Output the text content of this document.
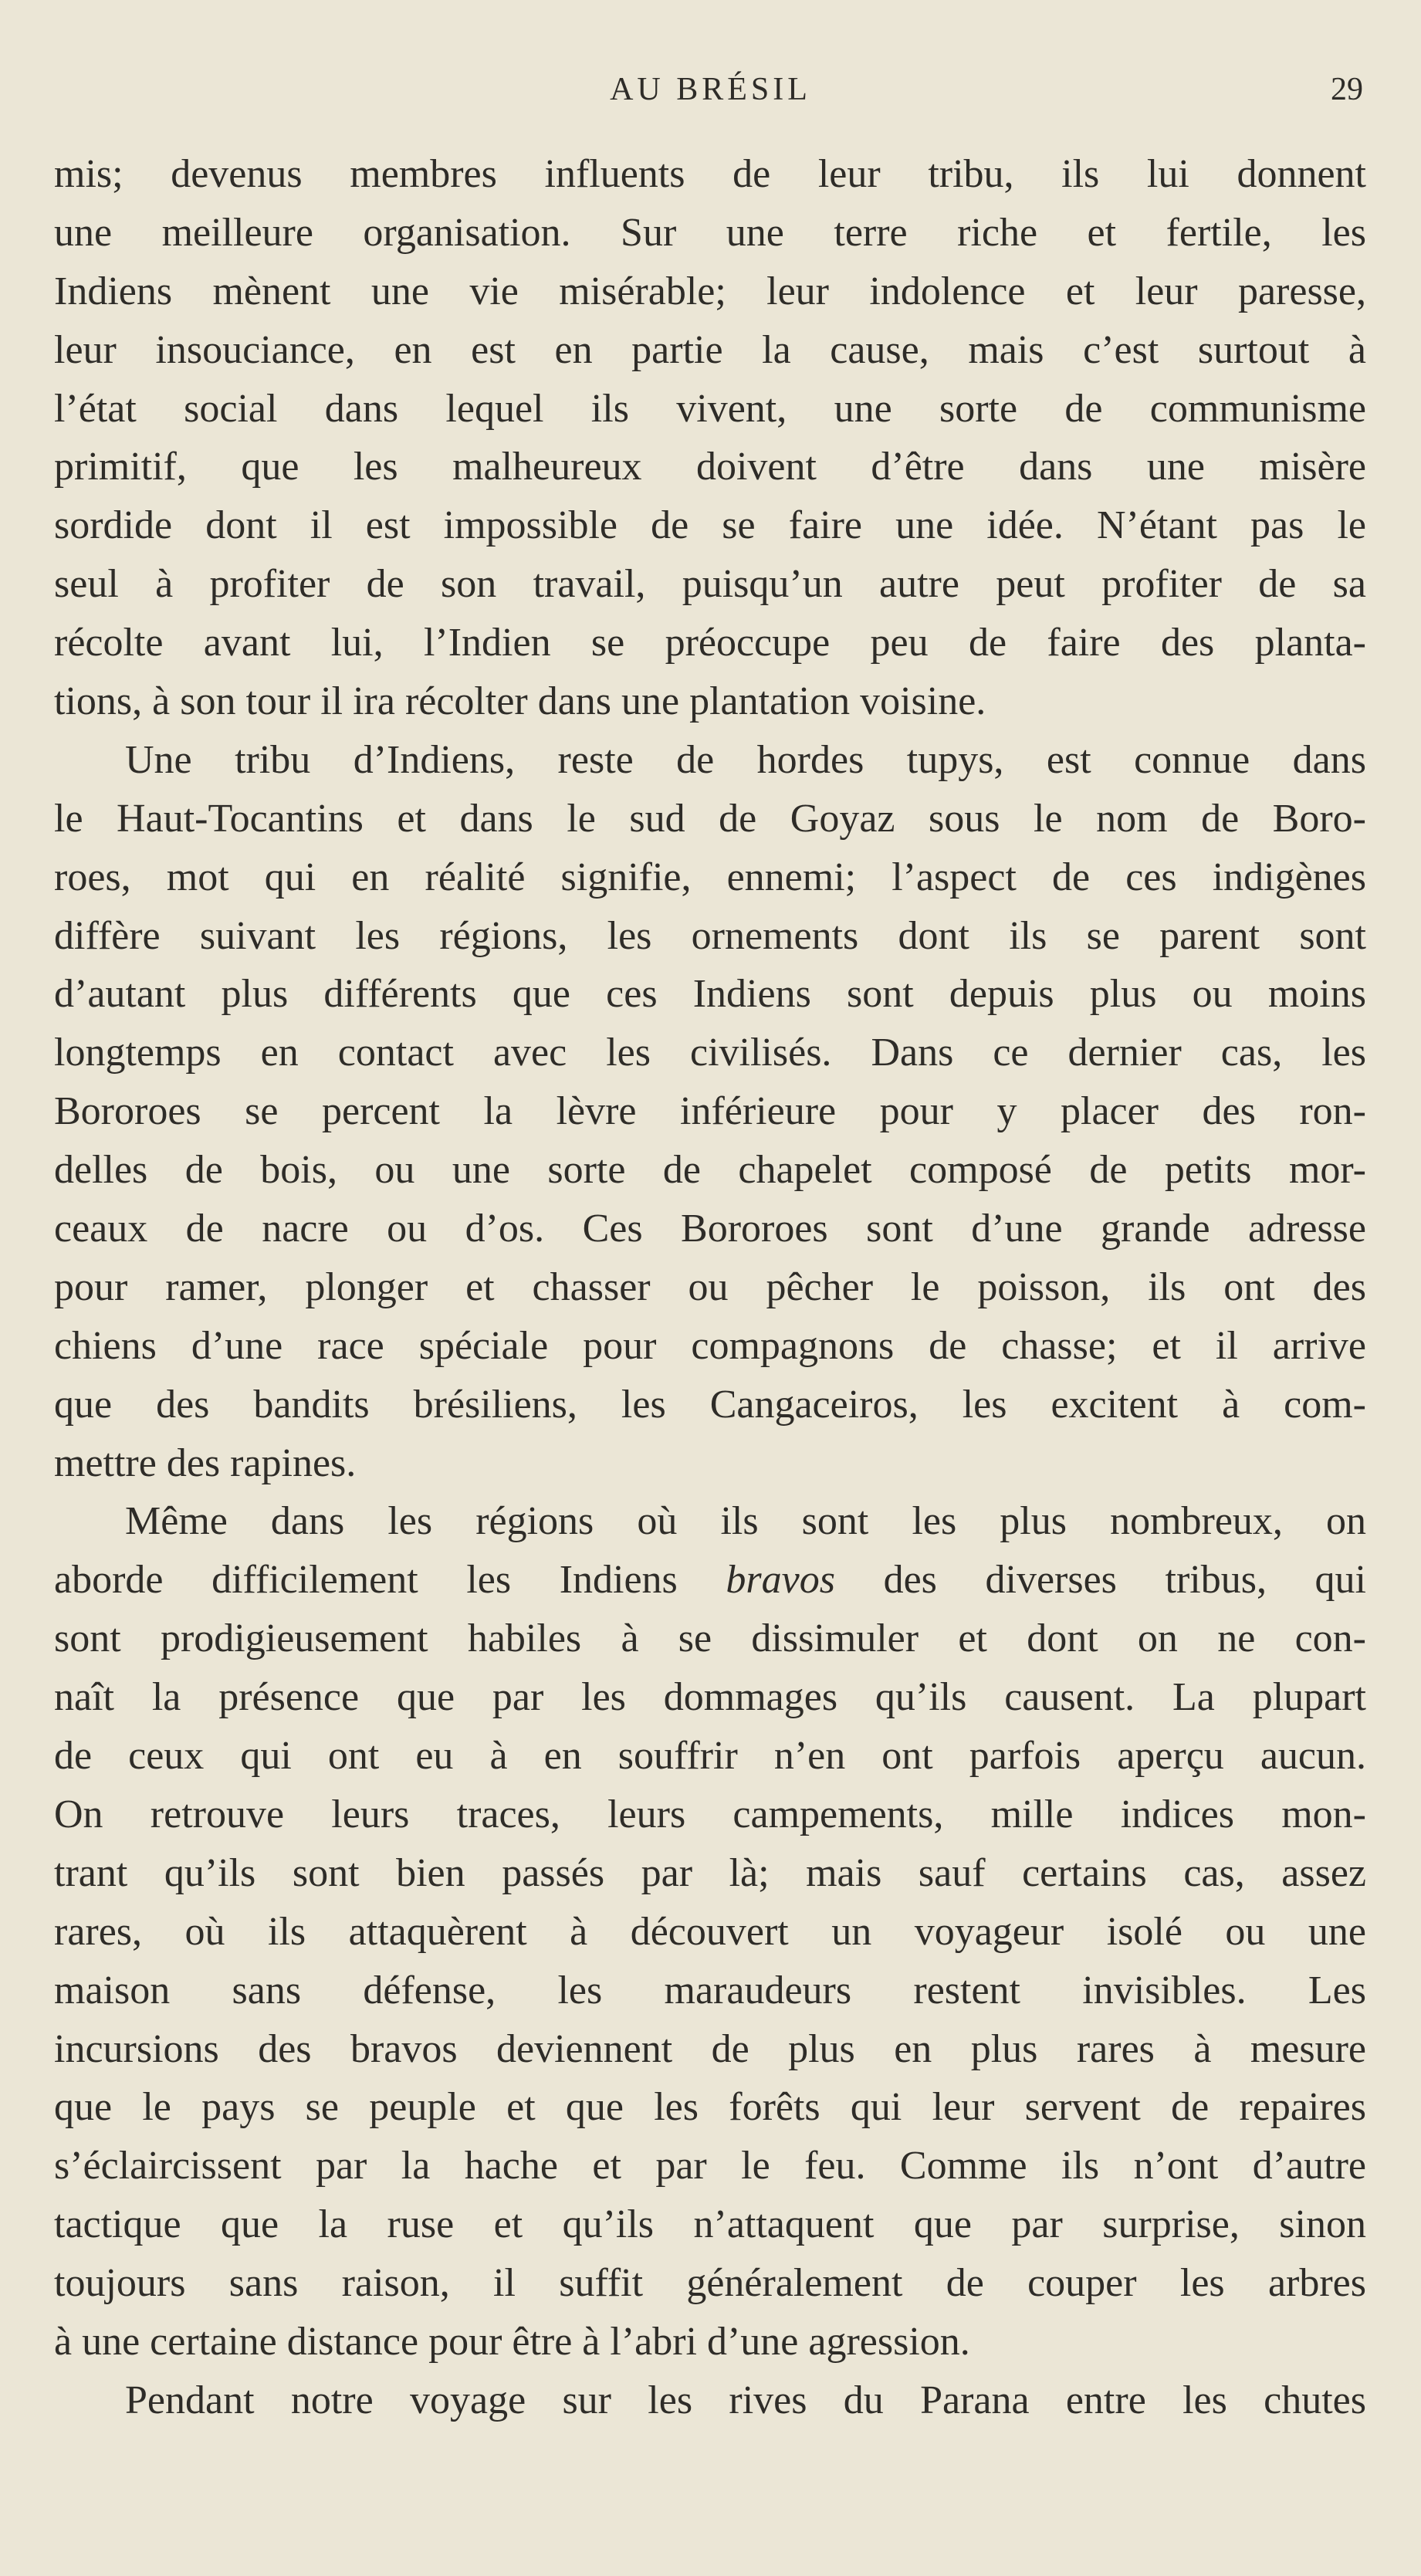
AU BRÉSIL	29

mis; devenus membres influents de leur tribu, ils lui donnent
une meilleure organisation. Sur une terre riche et fertile, les
Indiens mènent une vie misérable; leur indolence et leur paresse,
leur insouciance, en est en partie la cause, mais c’est surtout à
l’état social dans lequel ils vivent, une sorte de communisme
primitif, que les malheureux doivent d’être dans une misère
sordide dont il est impossible de se faire une idée. N’étant pas le
seul à profiter de son travail, puisqu’un autre peut profiter de sa
récolte avant lui, l’Indien se préoccupe peu de faire des planta-
tions, à son tour il ira récolter dans une plantation voisine.

Une tribu d’Indiens, reste de hordes tupys, est connue dans
le Haut-Tocantins et dans le sud de Goyaz sous le nom de Boro-
roes, mot qui en réalité signifie, ennemi; l’aspect de ces indigènes
diffère suivant les régions, les ornements dont ils se parent sont
d’autant plus différents que ces Indiens sont depuis plus ou moins
longtemps en contact avec les civilisés. Dans ce dernier cas, les
Bororoes se percent la lèvre inférieure pour y placer des ron-
delles de bois, ou une sorte de chapelet composé de petits mor-
ceaux de nacre ou d’os. Ces Bororoes sont d’une grande adresse
pour ramer, plonger et chasser ou pêcher le poisson, ils ont des
chiens d’une race spéciale pour compagnons de chasse; et il arrive
que des bandits brésiliens, les Cangaceiros, les excitent à com-
mettre des rapines.

Même dans les régions où ils sont les plus nombreux, on
aborde difficilement les Indiens bravos des diverses tribus, qui
sont prodigieusement habiles à se dissimuler et dont on ne con-
naît la présence que par les dommages qu’ils causent. La plupart
de ceux qui ont eu à en souffrir n’en ont parfois aperçu aucun.
On retrouve leurs traces, leurs campements, mille indices mon-
trant qu’ils sont bien passés par là; mais sauf certains cas, assez
rares, où ils attaquèrent à découvert un voyageur isolé ou une
maison sans défense, les maraudeurs restent invisibles. Les
incursions des bravos deviennent de plus en plus rares à mesure
que le pays se peuple et que les forêts qui leur servent de repaires
s’éclaircissent par la hache et par le feu. Comme ils n’ont d’autre
tactique que la ruse et qu’ils n’attaquent que par surprise, sinon
toujours sans raison, il suffit généralement de couper les arbres
à une certaine distance pour être à l’abri d’une agression.

Pendant notre voyage sur les rives du Parana entre les chutes
